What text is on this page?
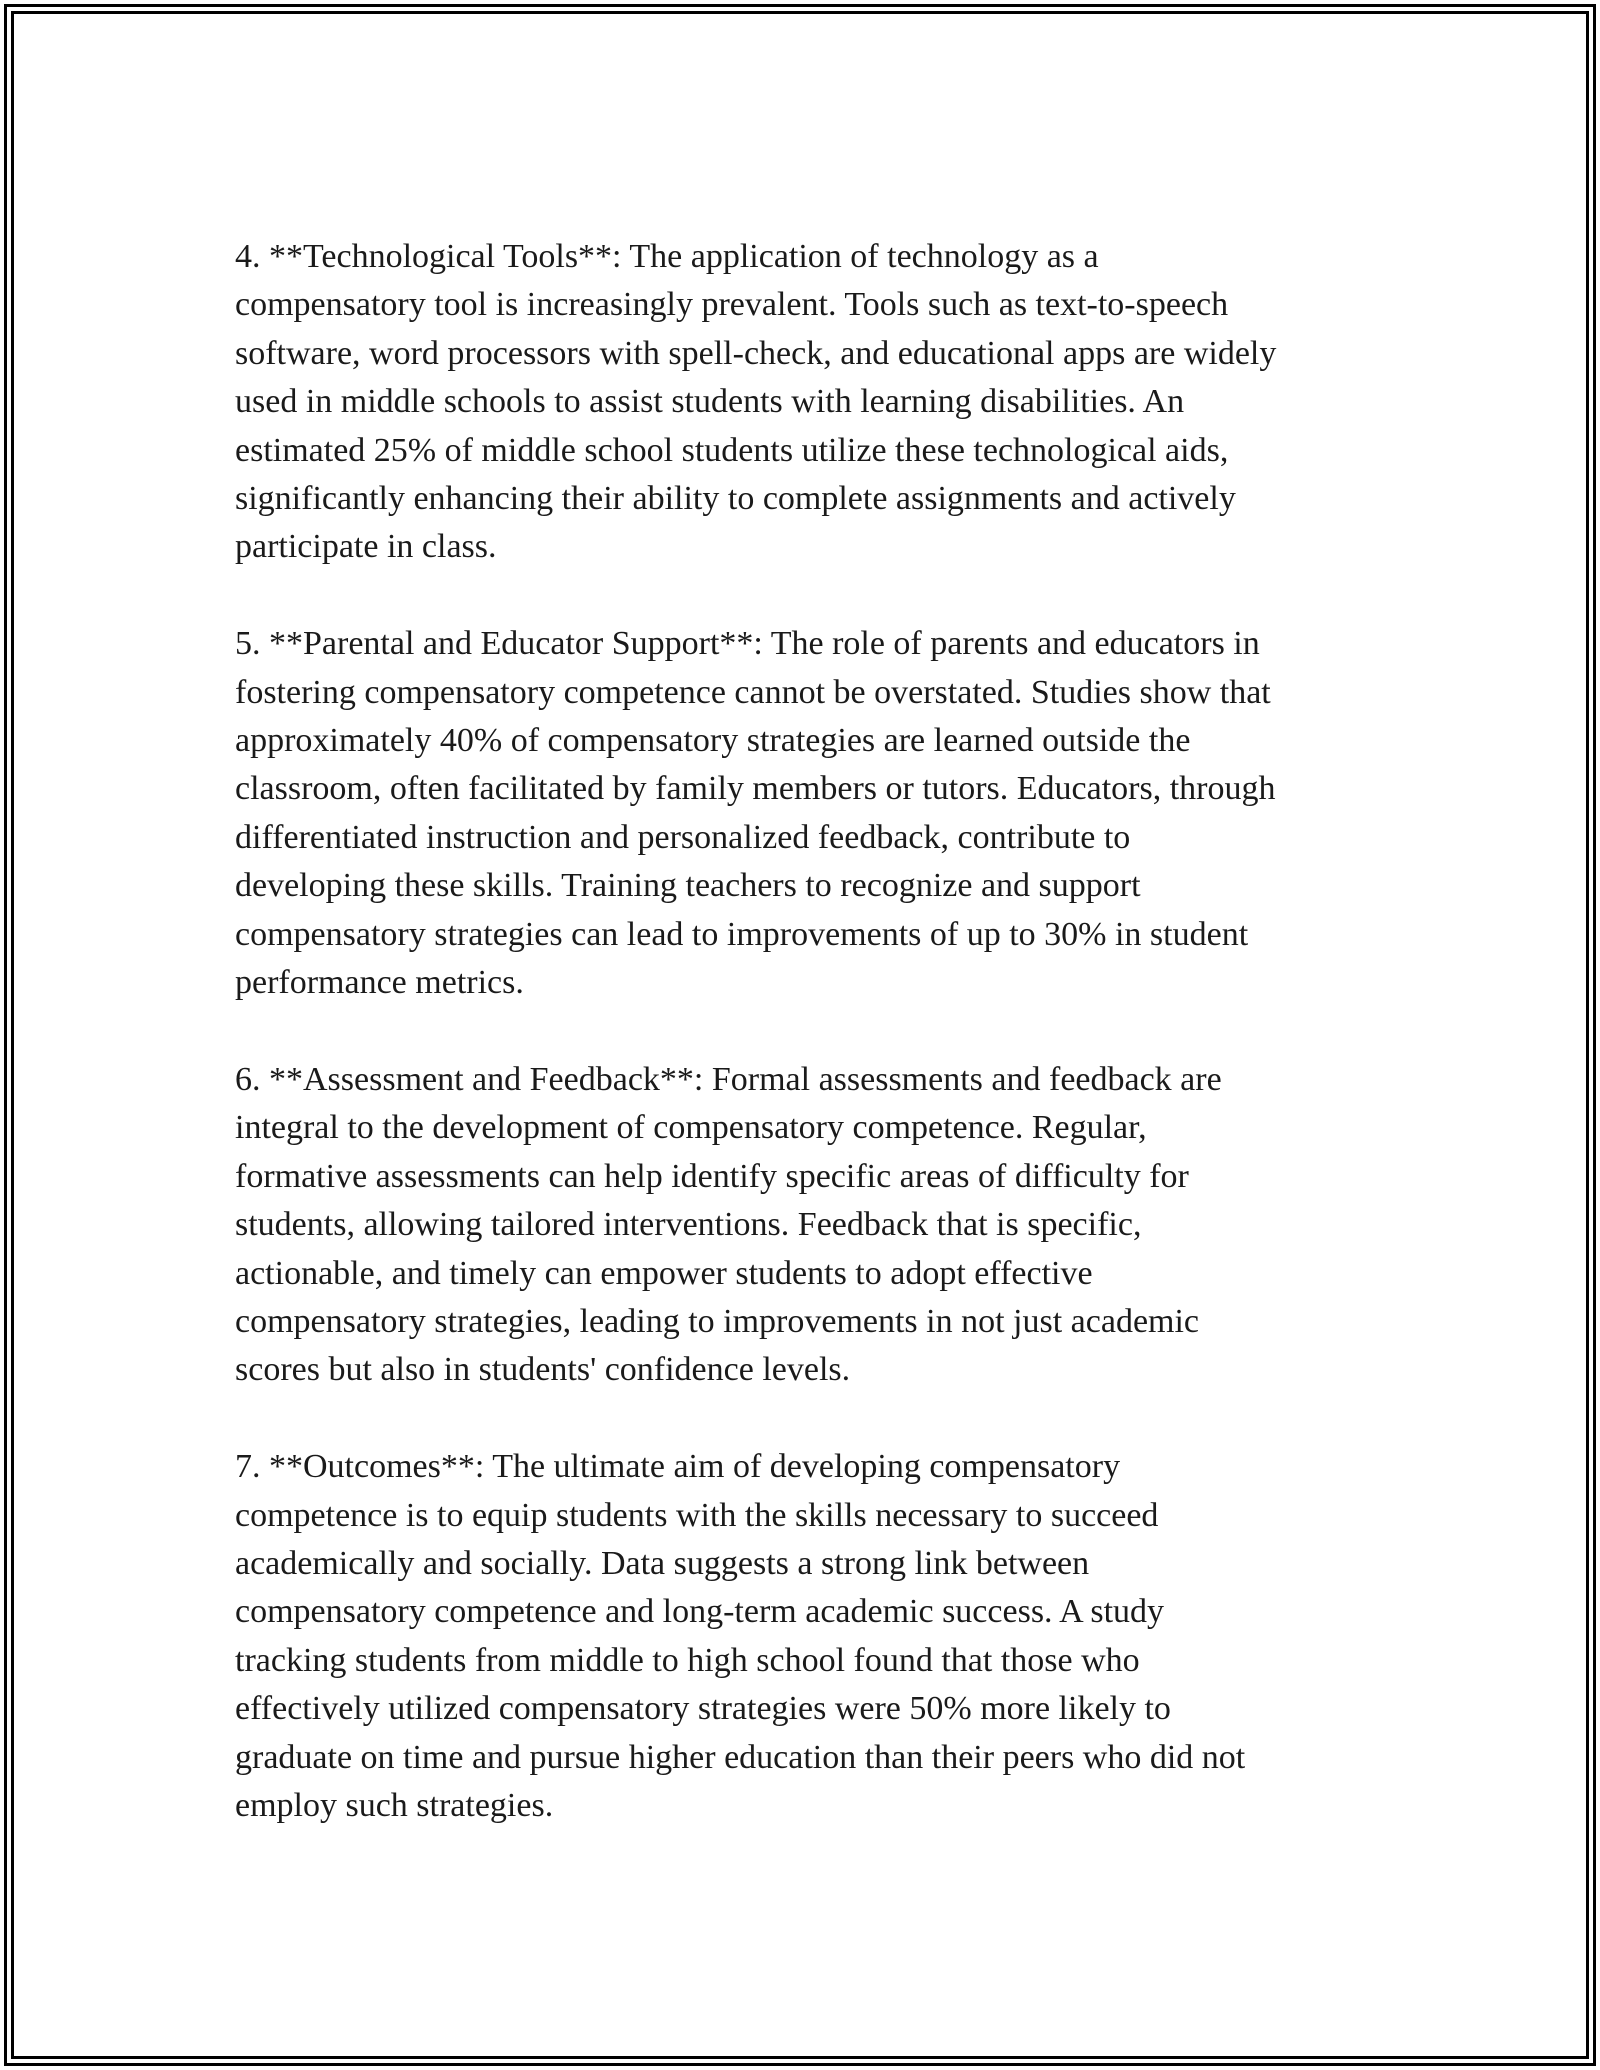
4. **Technological Tools**: The application of technology as a
compensatory tool is increasingly prevalent. Tools such as text-to-speech
software, word processors with spell-check, and educational apps are widely
used in middle schools to assist students with learning disabilities. An
estimated 25% of middle school students utilize these technological aids,
significantly enhancing their ability to complete assignments and actively
participate in class.

5. **Parental and Educator Support**: The role of parents and educators in
fostering compensatory competence cannot be overstated. Studies show that
approximately 40% of compensatory strategies are learned outside the
classroom, often facilitated by family members or tutors. Educators, through
differentiated instruction and personalized feedback, contribute to
developing these skills. Training teachers to recognize and support
compensatory strategies can lead to improvements of up to 30% in student
performance metrics.

6. **Assessment and Feedback**: Formal assessments and feedback are
integral to the development of compensatory competence. Regular,
formative assessments can help identify specific areas of difficulty for
students, allowing tailored interventions. Feedback that is specific,
actionable, and timely can empower students to adopt effective
compensatory strategies, leading to improvements in not just academic
scores but also in students' confidence levels.

7. **Outcomes**: The ultimate aim of developing compensatory
competence is to equip students with the skills necessary to succeed
academically and socially. Data suggests a strong link between
compensatory competence and long-term academic success. A study
tracking students from middle to high school found that those who
effectively utilized compensatory strategies were 50% more likely to
graduate on time and pursue higher education than their peers who did not
employ such strategies.
